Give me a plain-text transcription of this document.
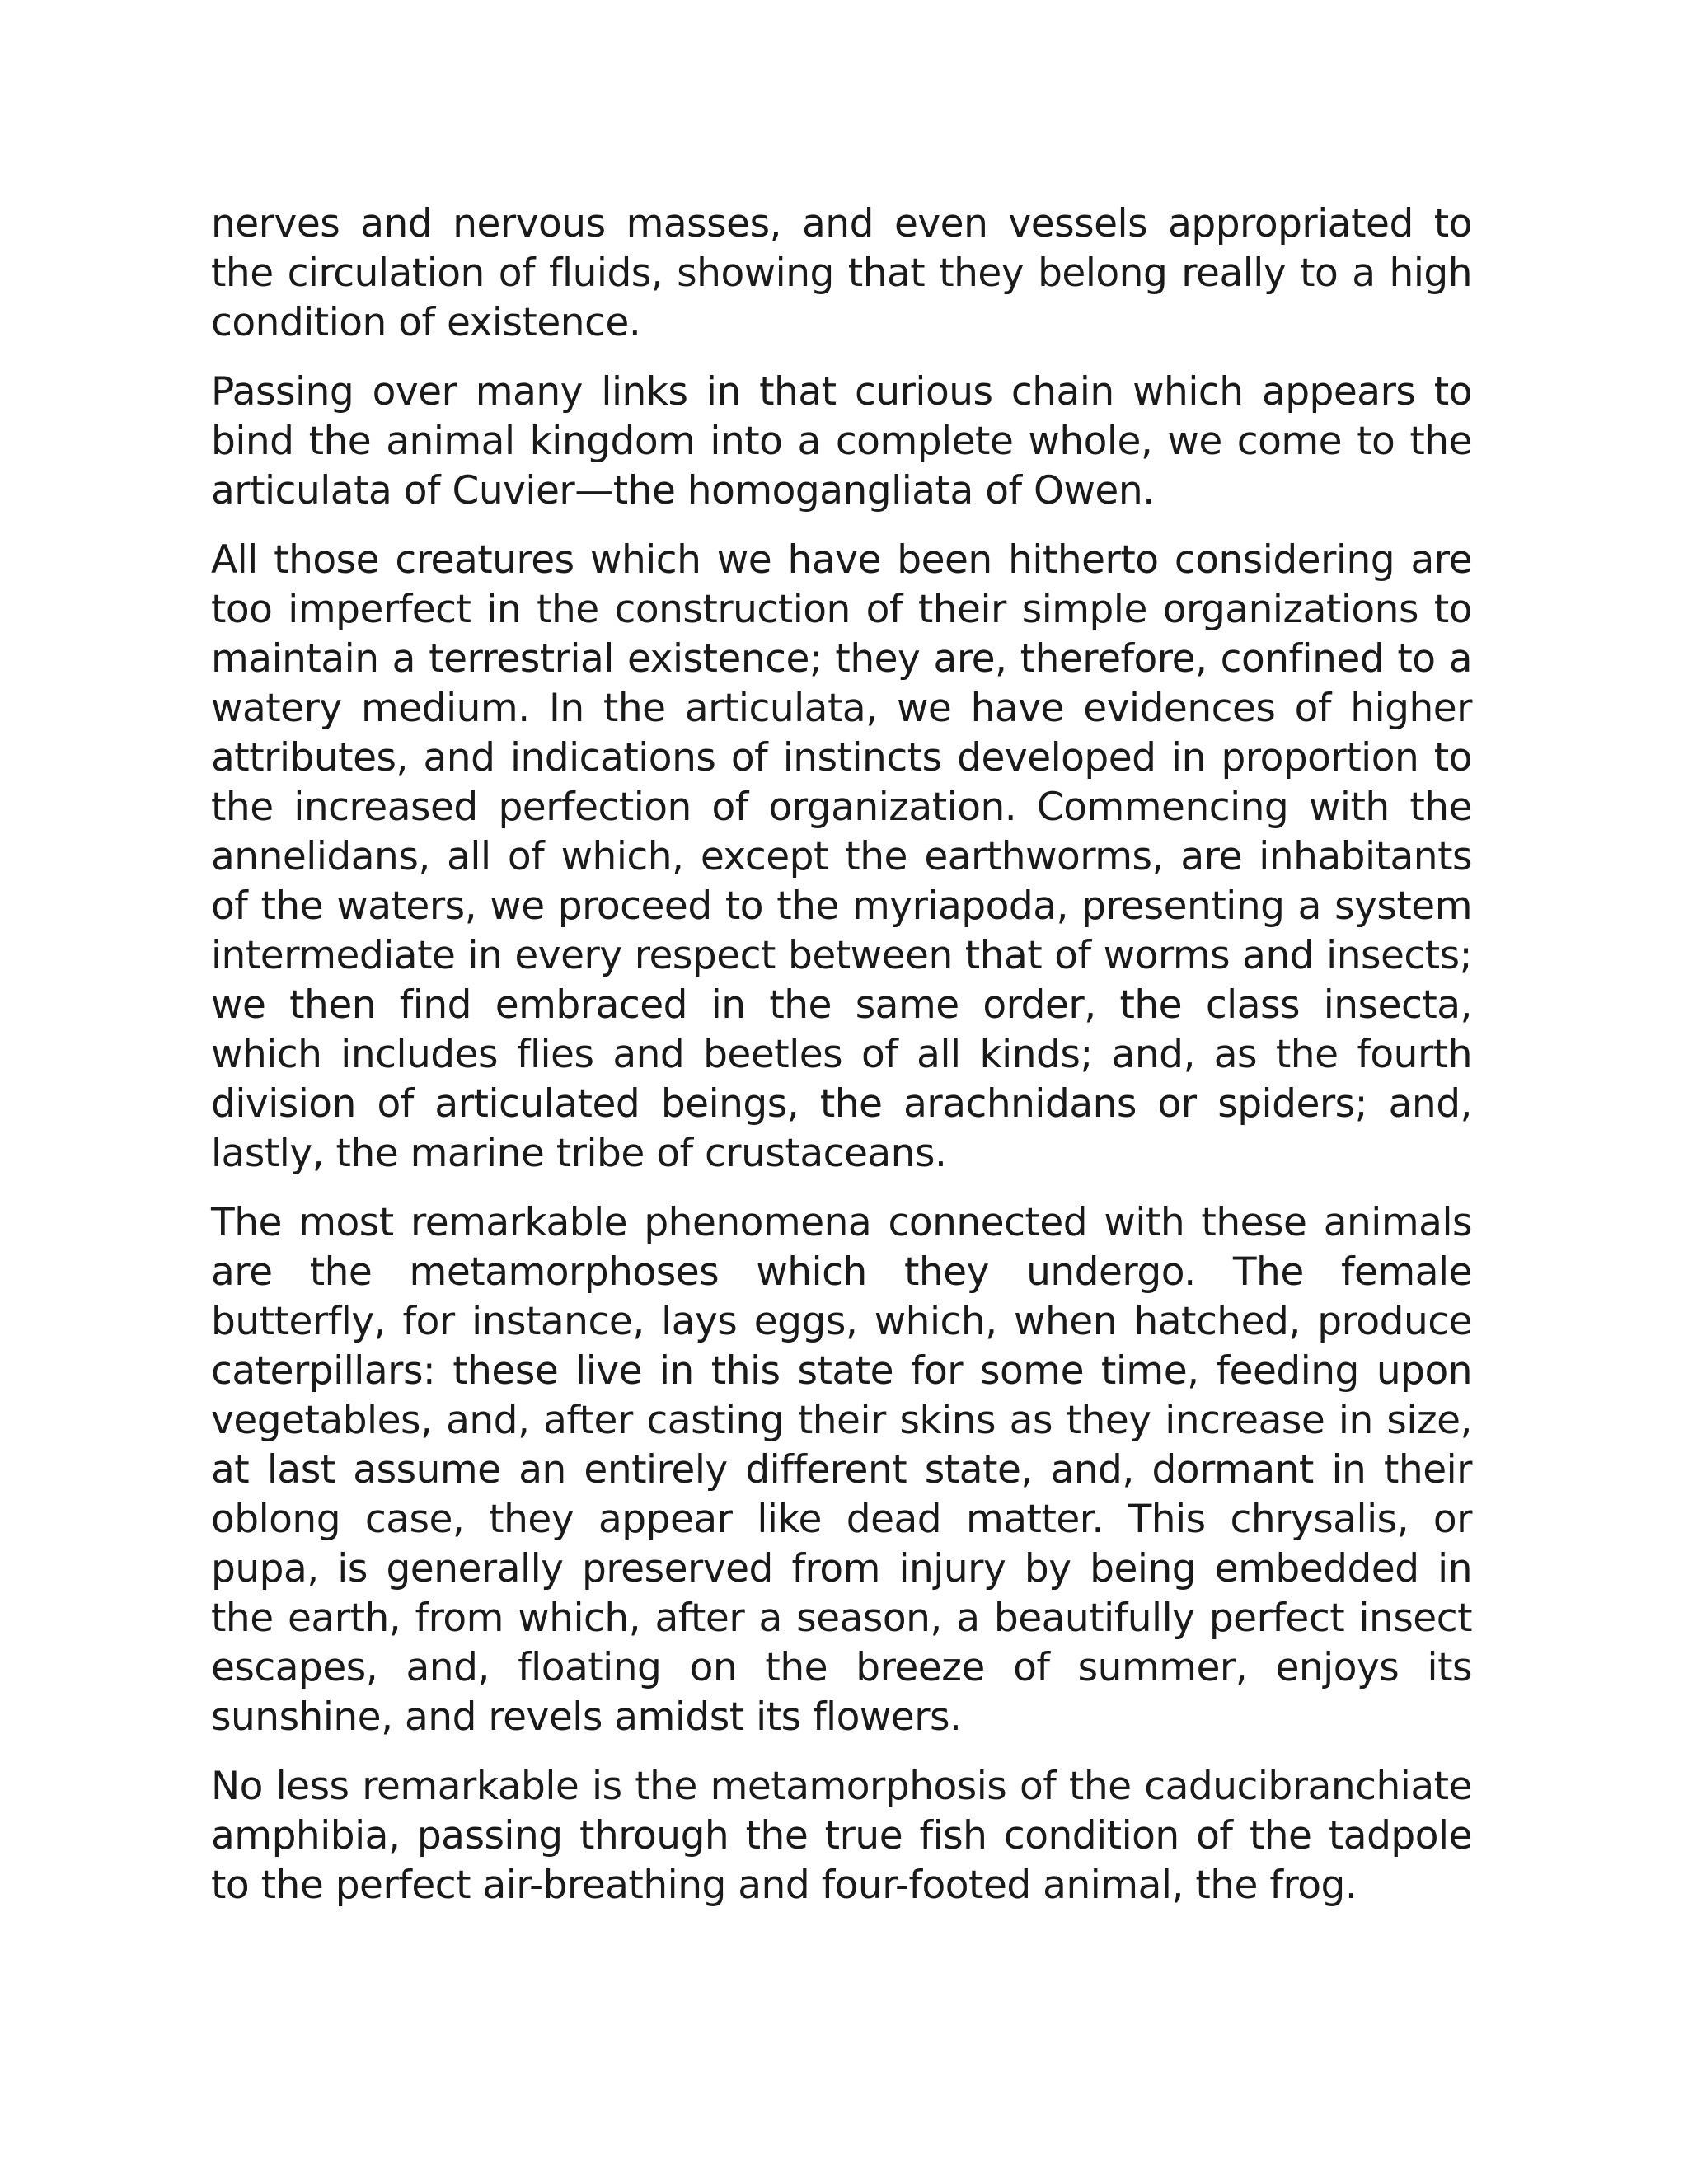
nerves and nervous masses, and even vessels appropriated to the circulation of fluids, showing that they belong really to a high condition of existence.

Passing over many links in that curious chain which appears to bind the animal kingdom into a complete whole, we come to the articulata of Cuvier—the homogangliata of Owen.

All those creatures which we have been hitherto considering are too imperfect in the construction of their simple organizations to maintain a terrestrial existence; they are, therefore, confined to a watery medium. In the articulata, we have evidences of higher attributes, and indications of instincts developed in proportion to the increased perfection of organization. Commencing with the annelidans, all of which, except the earthworms, are inhabitants of the waters, we proceed to the myriapoda, presenting a system intermediate in every respect between that of worms and insects; we then find embraced in the same order, the class insecta, which includes flies and beetles of all kinds; and, as the fourth division of articulated beings, the arachnidans or spiders; and, lastly, the marine tribe of crustaceans.

The most remarkable phenomena connected with these animals are the metamorphoses which they undergo. The female butterfly, for instance, lays eggs, which, when hatched, produce caterpillars: these live in this state for some time, feeding upon vegetables, and, after casting their skins as they increase in size, at last assume an entirely different state, and, dormant in their oblong case, they appear like dead matter. This chrysalis, or pupa, is generally preserved from injury by being embedded in the earth, from which, after a season, a beautifully perfect insect escapes, and, floating on the breeze of summer, enjoys its sunshine, and revels amidst its flowers.

No less remarkable is the metamorphosis of the caducibranchiate amphibia, passing through the true fish condition of the tadpole to the perfect air-breathing and four-footed animal, the frog.
